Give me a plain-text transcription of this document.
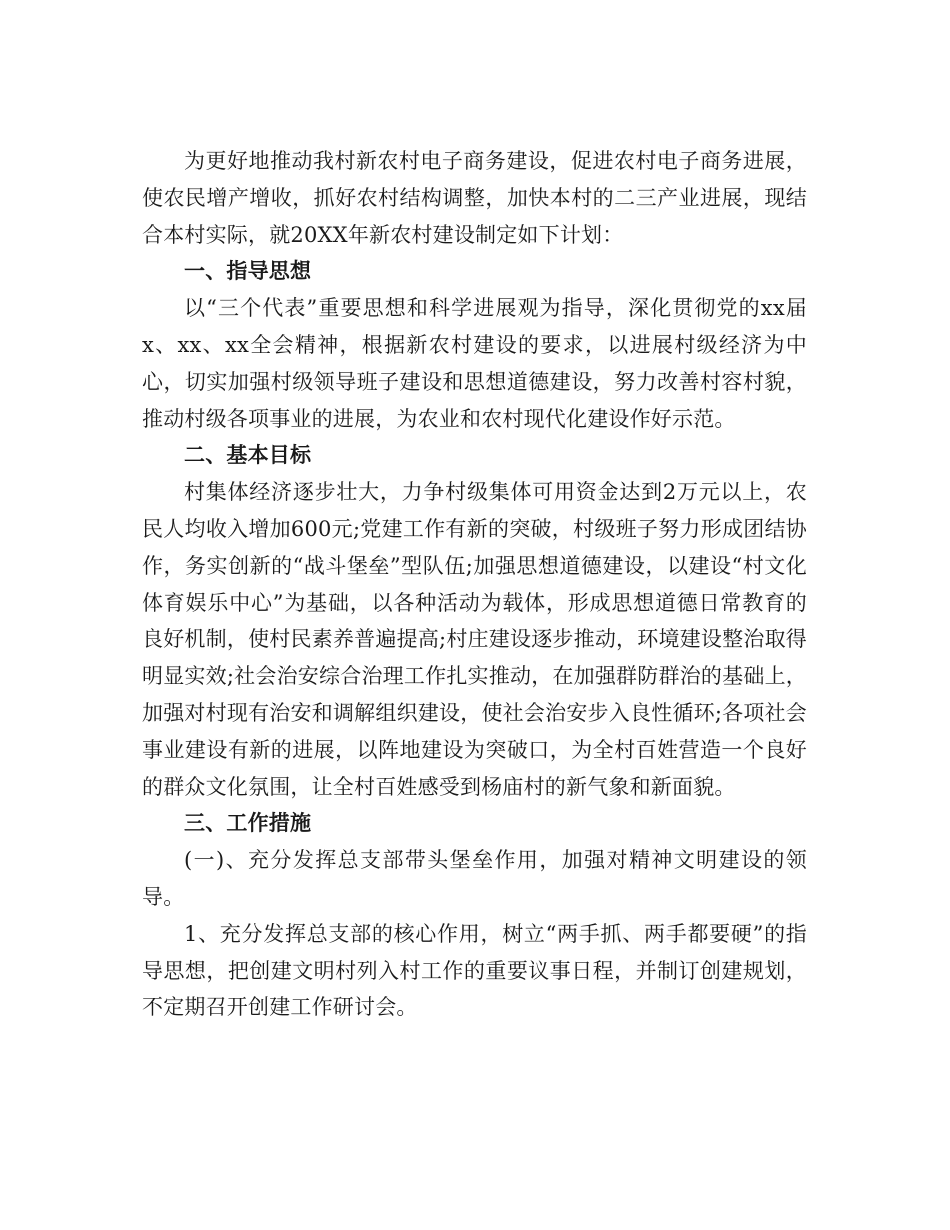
为更好地推动我村新农村电子商务建设，促进农村电子商务进展，使农民增产增收，抓好农村结构调整，加快本村的二三产业进展，现结合本村实际，就20XX年新农村建设制定如下计划：

一、指导思想

以“三个代表”重要思想和科学进展观为指导，深化贯彻党的xx届x、xx、xx全会精神，根据新农村建设的要求，以进展村级经济为中心，切实加强村级领导班子建设和思想道德建设，努力改善村容村貌，推动村级各项事业的进展，为农业和农村现代化建设作好示范。

二、基本目标

村集体经济逐步壮大，力争村级集体可用资金达到2万元以上，农民人均收入增加600元;党建工作有新的突破，村级班子努力形成团结协作，务实创新的“战斗堡垒”型队伍;加强思想道德建设，以建设“村文化体育娱乐中心”为基础，以各种活动为载体，形成思想道德日常教育的良好机制，使村民素养普遍提高;村庄建设逐步推动，环境建设整治取得明显实效;社会治安综合治理工作扎实推动，在加强群防群治的基础上，加强对村现有治安和调解组织建设，使社会治安步入良性循环;各项社会事业建设有新的进展，以阵地建设为突破口，为全村百姓营造一个良好的群众文化氛围，让全村百姓感受到杨庙村的新气象和新面貌。

三、工作措施

(一)、充分发挥总支部带头堡垒作用，加强对精神文明建设的领导。

1、充分发挥总支部的核心作用，树立“两手抓、两手都要硬”的指导思想，把创建文明村列入村工作的重要议事日程，并制订创建规划，不定期召开创建工作研讨会。
